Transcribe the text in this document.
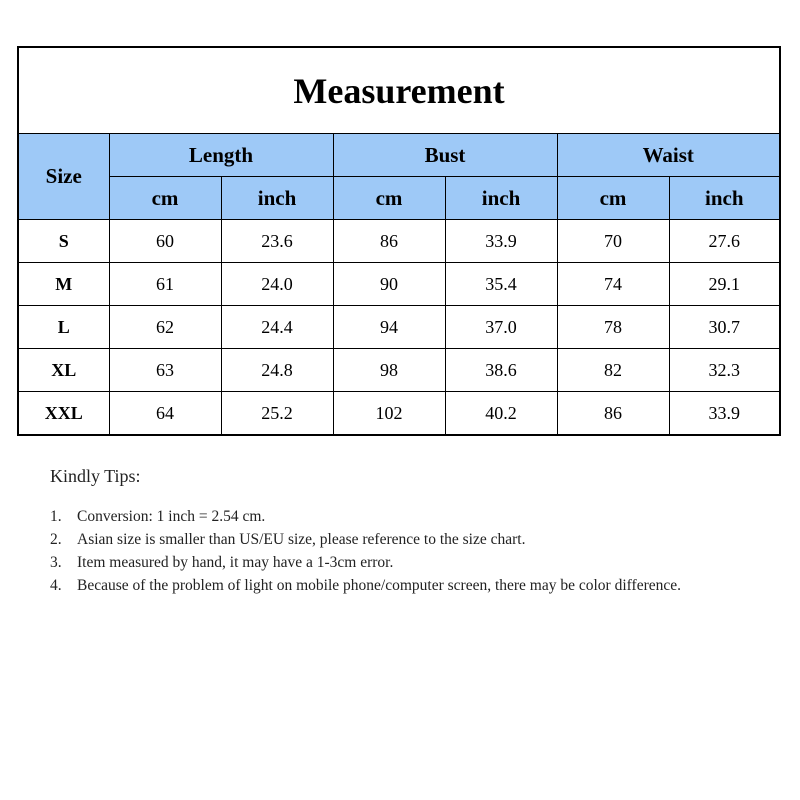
Measurement						
Size	Length		Bust		Waist	
	cm	inch	cm	inch	cm	inch
S	60	23.6	86	33.9	70	27.6
M	61	24.0	90	35.4	74	29.1
L	62	24.4	94	37.0	78	30.7
XL	63	24.8	98	38.6	82	32.3
XXL	64	25.2	102	40.2	86	33.9
Kindly Tips:
1. Conversion: 1 inch = 2.54 cm.
2. Asian size is smaller than US/EU size, please reference to the size chart.
3. Item measured by hand, it may have a 1-3cm error.
4. Because of the problem of light on mobile phone/computer screen, there may be color difference.
